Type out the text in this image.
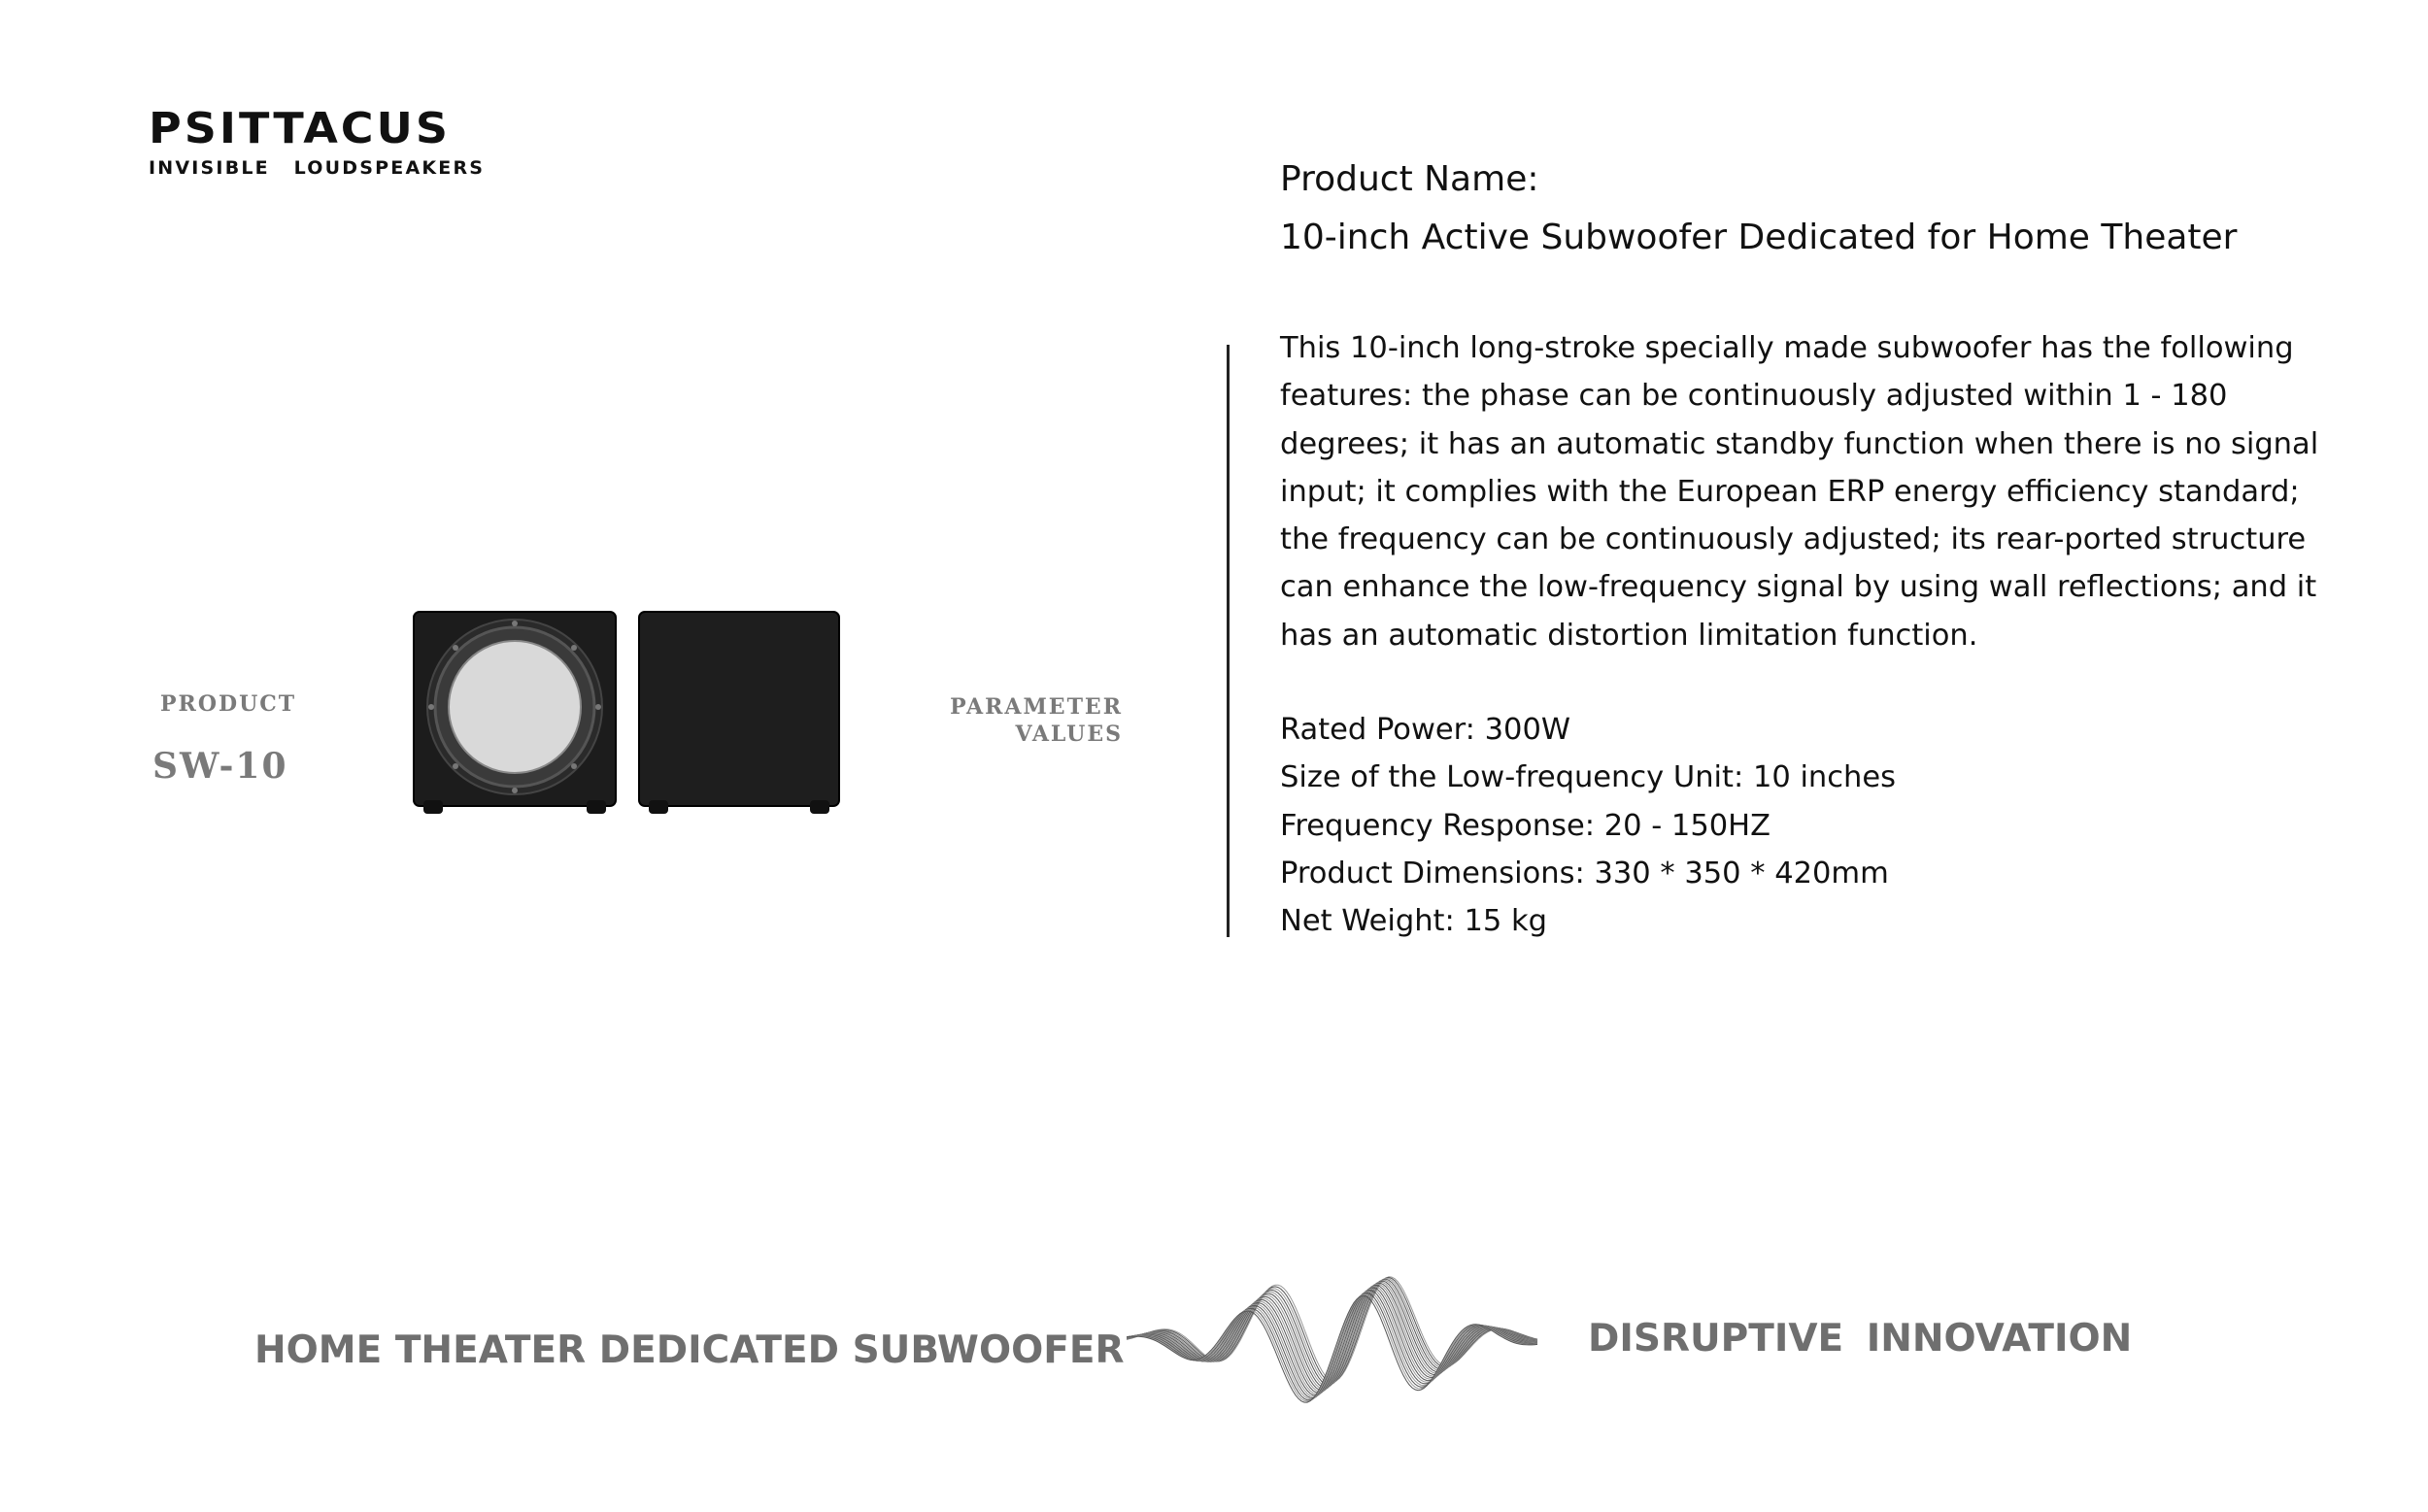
PSITTACUS
INVISIBLE LOUDSPEAKERS
PRODUCT
SW-10
PARAMETER
VALUES
Product Name:
10-inch Active Subwoofer Dedicated for Home Theater
This 10-inch long-stroke specially made subwoofer has the following features: the phase can be continuously adjusted within 1 - 180 degrees; it has an automatic standby function when there is no signal input; it complies with the European ERP energy efficiency standard; the frequency can be continuously adjusted; its rear-ported structure can enhance the low-frequency signal by using wall reflections; and it has an automatic distortion limitation function.
Rated Power: 300W
Size of the Low-frequency Unit: 10 inches
Frequency Response: 20 - 150HZ
Product Dimensions: 330 * 350 * 420mm
Net Weight: 15 kg
HOME THEATER DEDICATED SUBWOOFER	DISRUPTIVE INNOVATION
